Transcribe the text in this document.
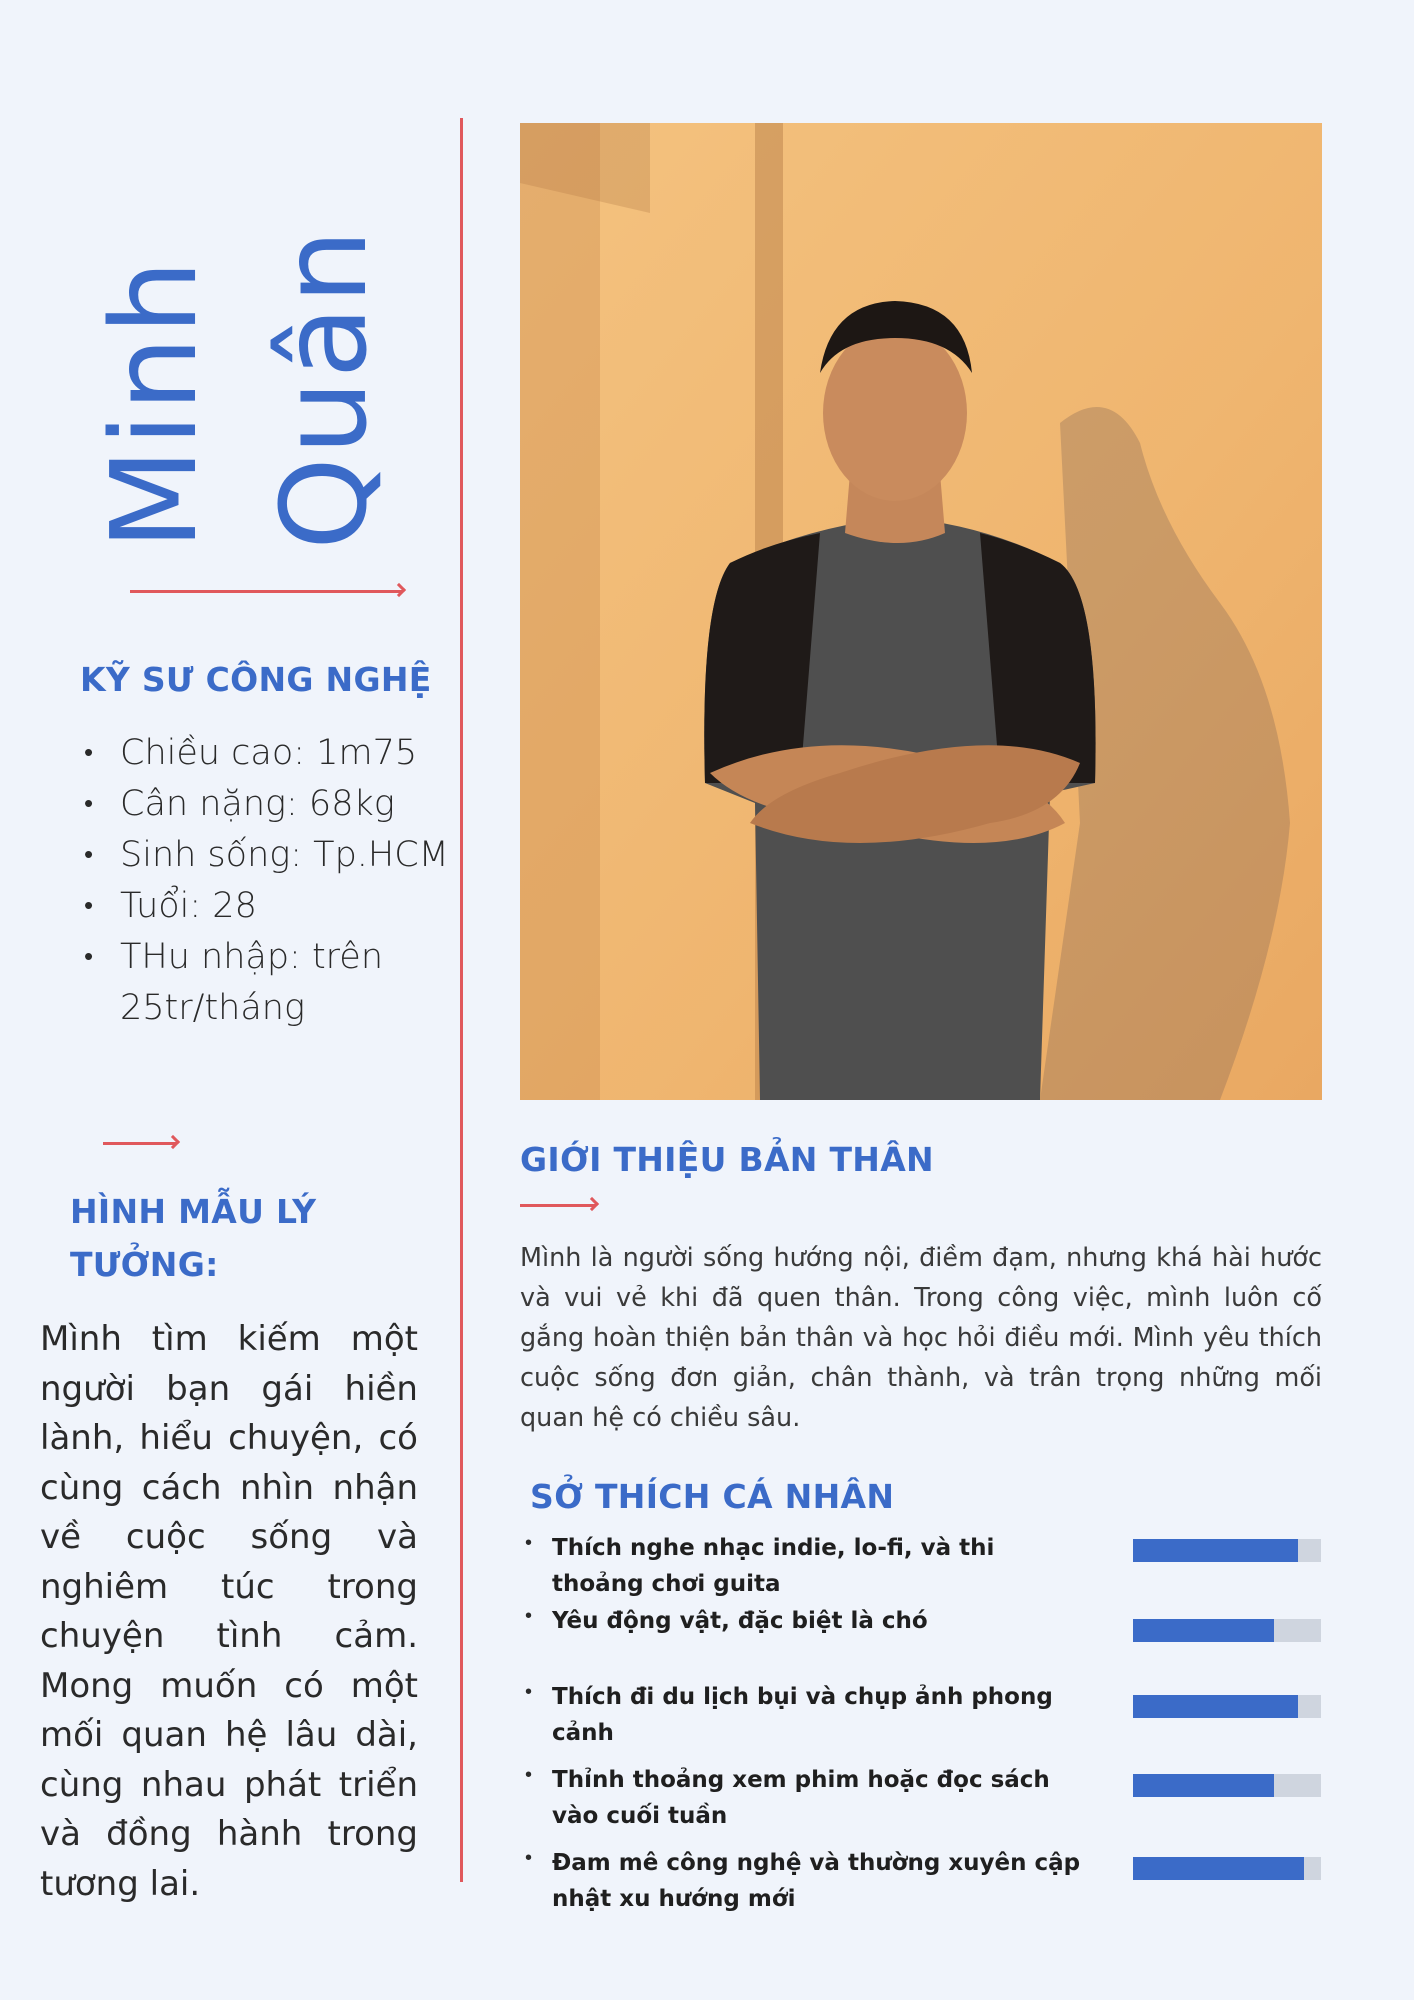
Minh Quân
KỸ SƯ CÔNG NGHỆ
• Chiều cao: 1m75
• Cân nặng: 68kg
• Sinh sống: Tp.HCM
• Tuổi: 28
• THu nhập: trên 25tr/tháng
HÌNH MẪU LÝ
TƯỞNG:
Mình tìm kiếm một người bạn gái hiền lành, hiểu chuyện, có cùng cách nhìn nhận về cuộc sống và nghiêm túc trong chuyện tình cảm. Mong muốn có một mối quan hệ lâu dài, cùng nhau phát triển và đồng hành trong tương lai.
GIỚI THIỆU BẢN THÂN
Mình là người sống hướng nội, điềm đạm, nhưng khá hài hước và vui vẻ khi đã quen thân. Trong công việc, mình luôn cố gắng hoàn thiện bản thân và học hỏi điều mới. Mình yêu thích cuộc sống đơn giản, chân thành, và trân trọng những mối quan hệ có chiều sâu.
SỞ THÍCH CÁ NHÂN
• Thích nghe nhạc indie, lo-fi, và thi thoảng chơi guita
• Yêu động vật, đặc biệt là chó
• Thích đi du lịch bụi và chụp ảnh phong cảnh
• Thỉnh thoảng xem phim hoặc đọc sách vào cuối tuần
• Đam mê công nghệ và thường xuyên cập nhật xu hướng mới
